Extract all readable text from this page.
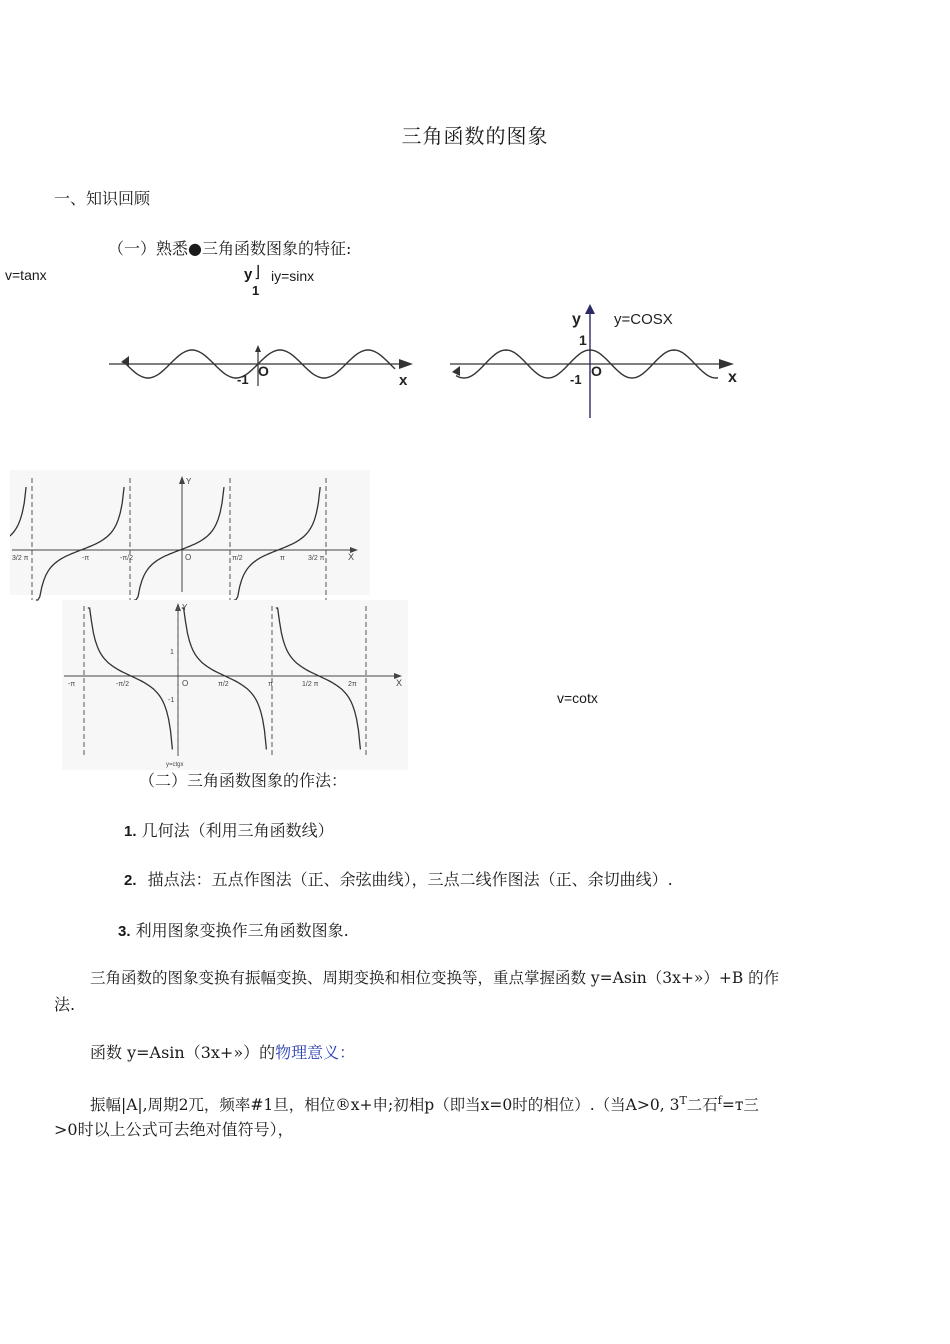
三角函数的图象
一、知识回顾
（一）熟悉●三角函数图象的特征:
v=tanx	y ⌋ iy=sinx
1
O
-1	x
y y=COSX
1
O
-1	x
Y
X
O
3/2 π	-π	-π/2	π/2	π	3/2 π
Y
X
O
1
-1
y=ctgx
-π	-π/2	π/2	π	1/2 π	2π
v=cotx
（二）三角函数图象的作法：
1. 几何法（利用三角函数线）
2. 描点法：五点作图法（正、余弦曲线），三点二线作图法（正、余切曲线）.
3. 利用图象变换作三角函数图象.
三角函数的图象变换有振幅变换、周期变换和相位变换等，重点掌握函数 y=Asin（3x+»）+B 的作
法.
函数 y=Asin（3x+»）的物理意义：
振幅|A|,周期2兀，频率#1旦，相位®x+申;初相p（即当x=0时的相位）.（当A>0, $3^T$二石$^f$=т三
>0时以上公式可去绝对值符号），
